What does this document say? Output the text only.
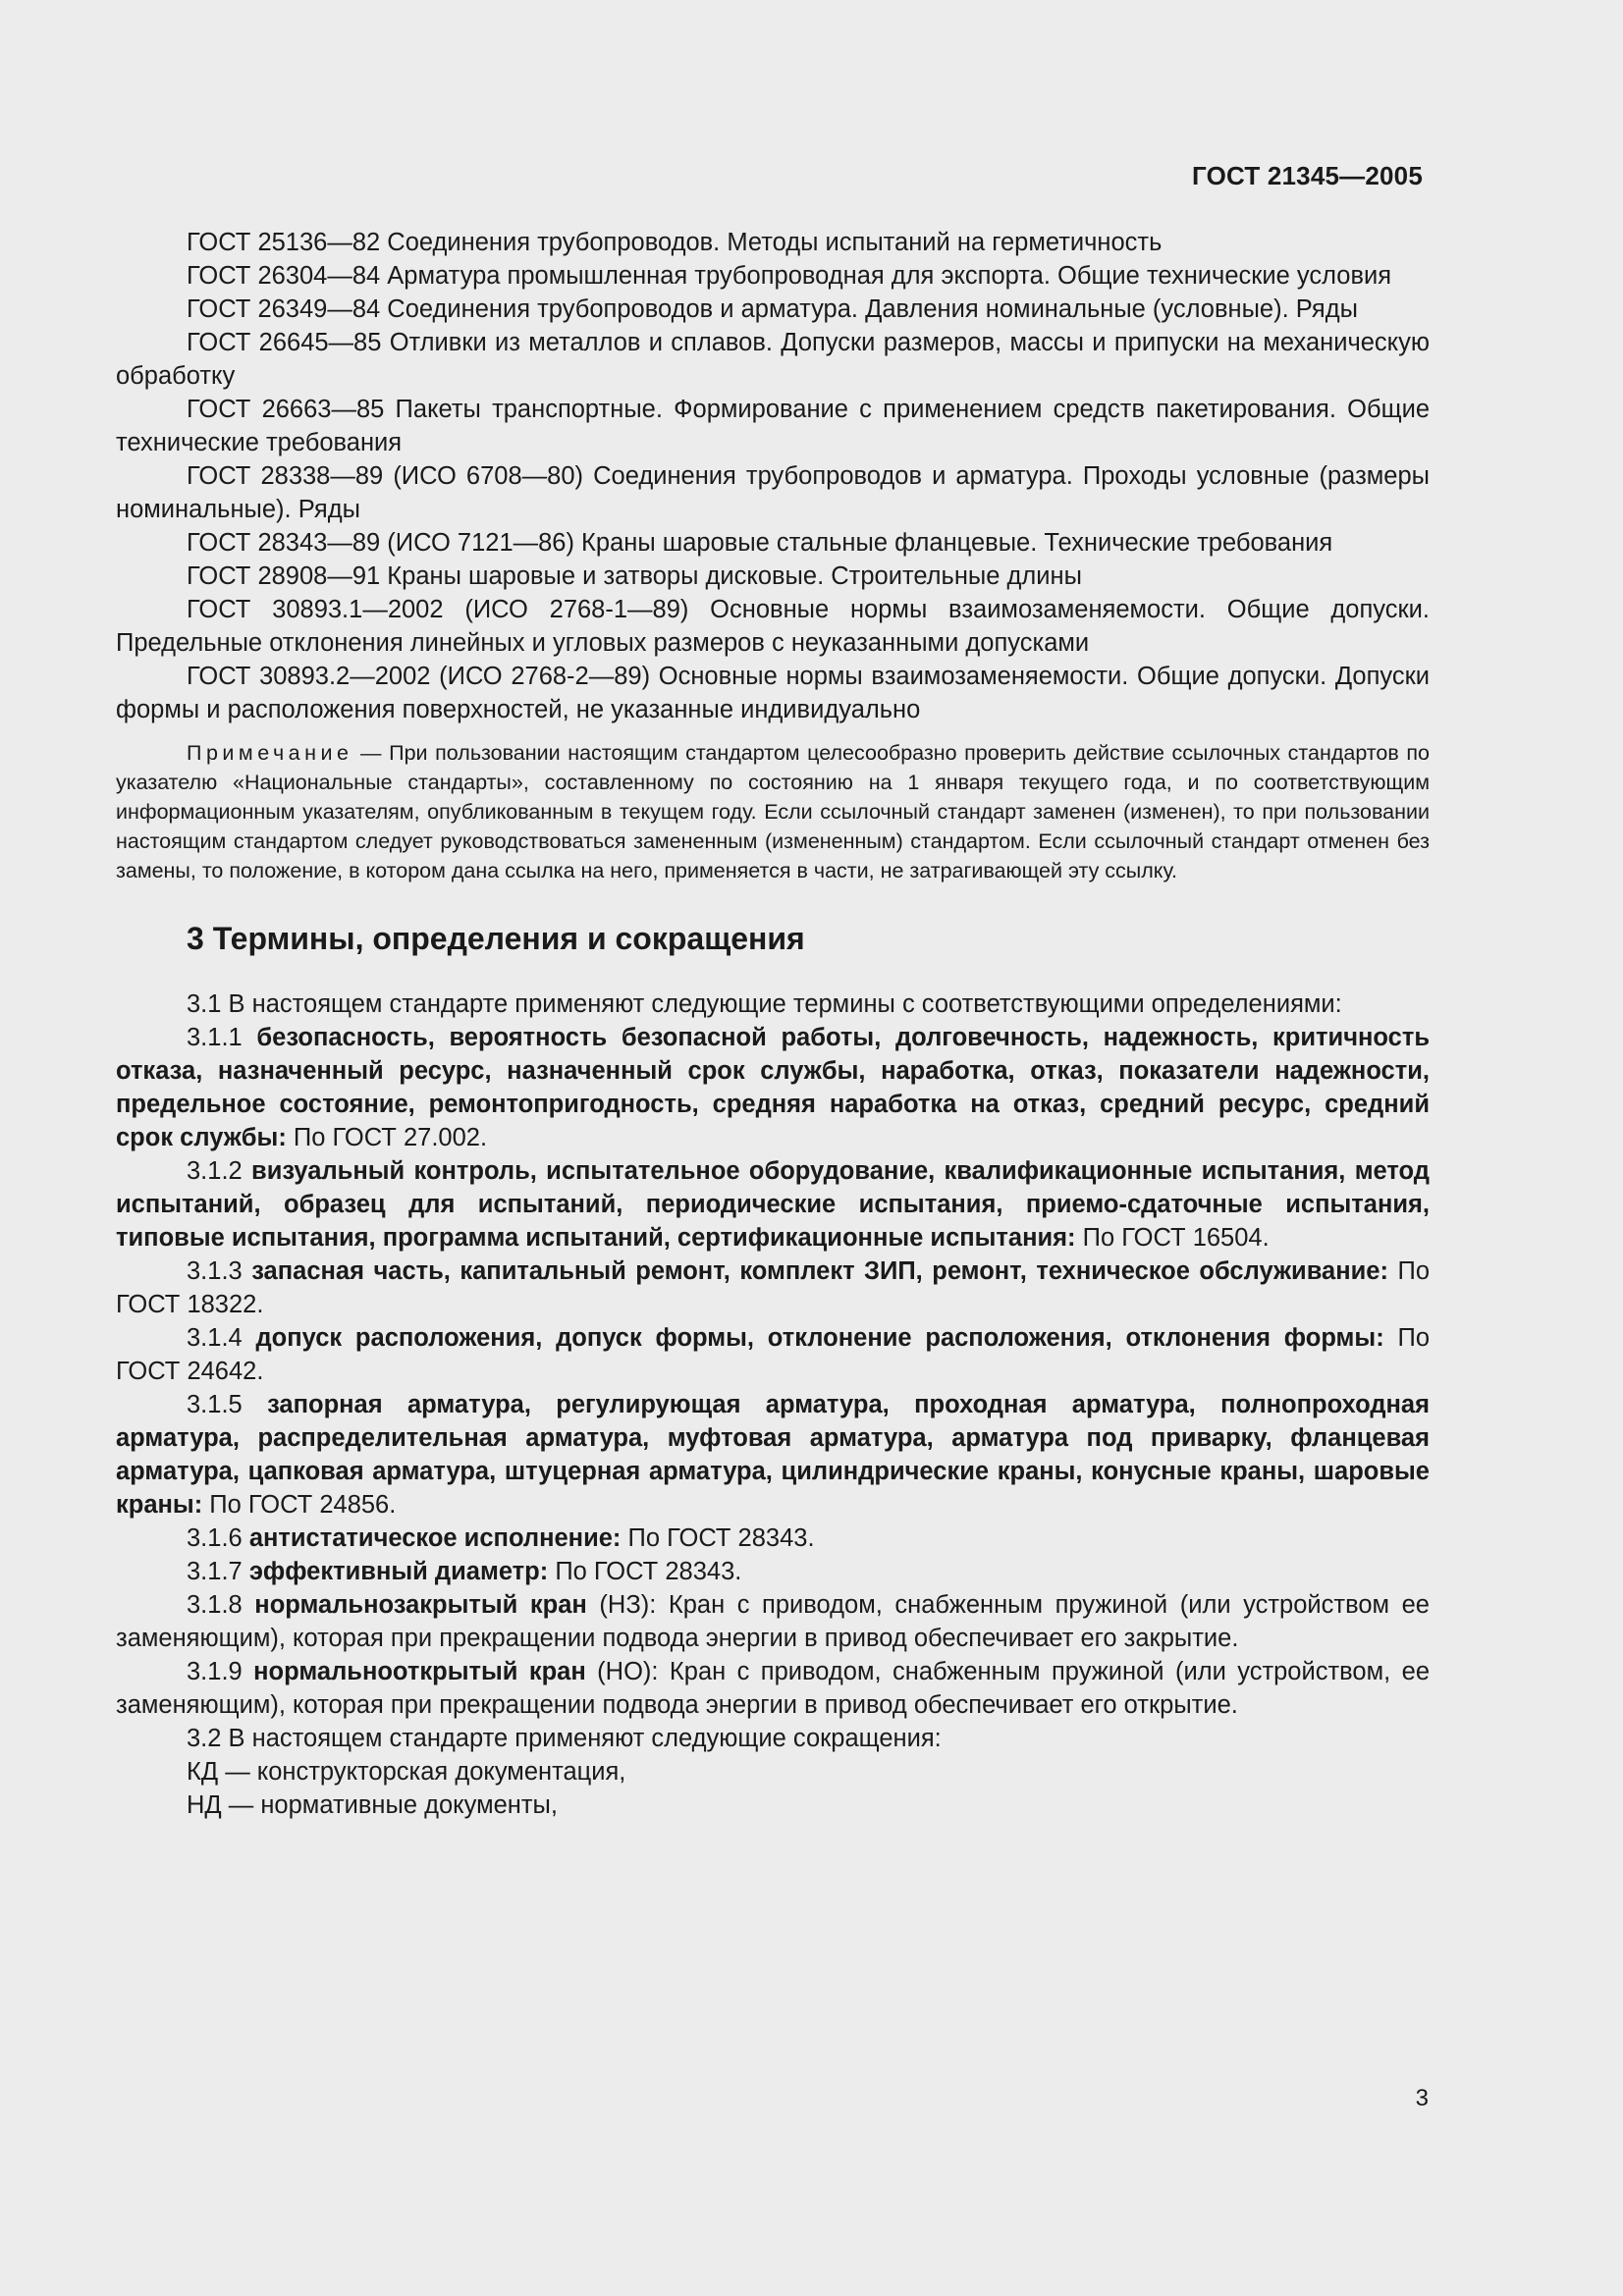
ГОСТ 21345—2005

ГОСТ 25136—82 Соединения трубопроводов. Методы испытаний на герметичность

ГОСТ 26304—84 Арматура промышленная трубопроводная для экспорта. Общие технические условия

ГОСТ 26349—84 Соединения трубопроводов и арматура. Давления номинальные (условные). Ряды

ГОСТ 26645—85 Отливки из металлов и сплавов. Допуски размеров, массы и припуски на механическую обработку

ГОСТ 26663—85 Пакеты транспортные. Формирование с применением средств пакетирования. Общие технические требования

ГОСТ 28338—89 (ИСО 6708—80) Соединения трубопроводов и арматура. Проходы условные (размеры номинальные). Ряды

ГОСТ 28343—89 (ИСО 7121—86) Краны шаровые стальные фланцевые. Технические требования

ГОСТ 28908—91 Краны шаровые и затворы дисковые. Строительные длины

ГОСТ 30893.1—2002 (ИСО 2768-1—89) Основные нормы взаимозаменяемости. Общие допуски. Предельные отклонения линейных и угловых размеров с неуказанными допусками

ГОСТ 30893.2—2002 (ИСО 2768-2—89) Основные нормы взаимозаменяемости. Общие допуски. Допуски формы и расположения поверхностей, не указанные индивидуально

Примечание — При пользовании настоящим стандартом целесообразно проверить действие ссылочных стандартов по указателю «Национальные стандарты», составленному по состоянию на 1 января текущего года, и по соответствующим информационным указателям, опубликованным в текущем году. Если ссылочный стандарт заменен (изменен), то при пользовании настоящим стандартом следует руководствоваться замененным (измененным) стандартом. Если ссылочный стандарт отменен без замены, то положение, в котором дана ссылка на него, применяется в части, не затрагивающей эту ссылку.

3 Термины, определения и сокращения

3.1 В настоящем стандарте применяют следующие термины с соответствующими определениями:

3.1.1 безопасность, вероятность безопасной работы, долговечность, надежность, критичность отказа, назначенный ресурс, назначенный срок службы, наработка, отказ, показатели надежности, предельное состояние, ремонтопригодность, средняя наработка на отказ, средний ресурс, средний срок службы: По ГОСТ 27.002.

3.1.2 визуальный контроль, испытательное оборудование, квалификационные испытания, метод испытаний, образец для испытаний, периодические испытания, приемо-сдаточные испытания, типовые испытания, программа испытаний, сертификационные испытания: По ГОСТ 16504.

3.1.3 запасная часть, капитальный ремонт, комплект ЗИП, ремонт, техническое обслуживание: По ГОСТ 18322.

3.1.4 допуск расположения, допуск формы, отклонение расположения, отклонения формы: По ГОСТ 24642.

3.1.5 запорная арматура, регулирующая арматура, проходная арматура, полнопроходная арматура, распределительная арматура, муфтовая арматура, арматура под приварку, фланцевая арматура, цапковая арматура, штуцерная арматура, цилиндрические краны, конусные краны, шаровые краны: По ГОСТ 24856.

3.1.6 антистатическое исполнение: По ГОСТ 28343.

3.1.7 эффективный диаметр: По ГОСТ 28343.

3.1.8 нормальнозакрытый кран (НЗ): Кран с приводом, снабженным пружиной (или устройством ее заменяющим), которая при прекращении подвода энергии в привод обеспечивает его закрытие.

3.1.9 нормальнооткрытый кран (НО): Кран с приводом, снабженным пружиной (или устройством, ее заменяющим), которая при прекращении подвода энергии в привод обеспечивает его открытие.

3.2 В настоящем стандарте применяют следующие сокращения:

КД — конструкторская документация,

НД — нормативные документы,

3
